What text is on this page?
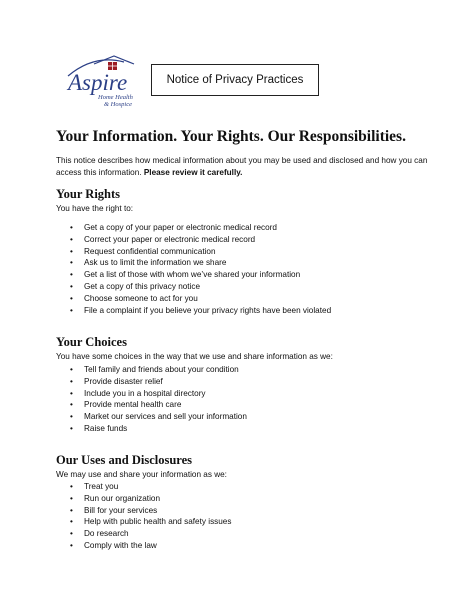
Aspire
Home Health
& Hospice
Notice of Privacy Practices
Your Information. Your Rights. Our Responsibilities.

This notice describes how medical information about you may be used and disclosed and how you can access this information. Please review it carefully.

Your Rights

You have the right to:

• Get a copy of your paper or electronic medical record
• Correct your paper or electronic medical record
• Request confidential communication
• Ask us to limit the information we share
• Get a list of those with whom we’ve shared your information
• Get a copy of this privacy notice
• Choose someone to act for you
• File a complaint if you believe your privacy rights have been violated
Your Choices

You have some choices in the way that we use and share information as we:

• Tell family and friends about your condition
• Provide disaster relief
• Include you in a hospital directory
• Provide mental health care
• Market our services and sell your information
• Raise funds
Our Uses and Disclosures

We may use and share your information as we:

• Treat you
• Run our organization
• Bill for your services
• Help with public health and safety issues
• Do research
• Comply with the law
